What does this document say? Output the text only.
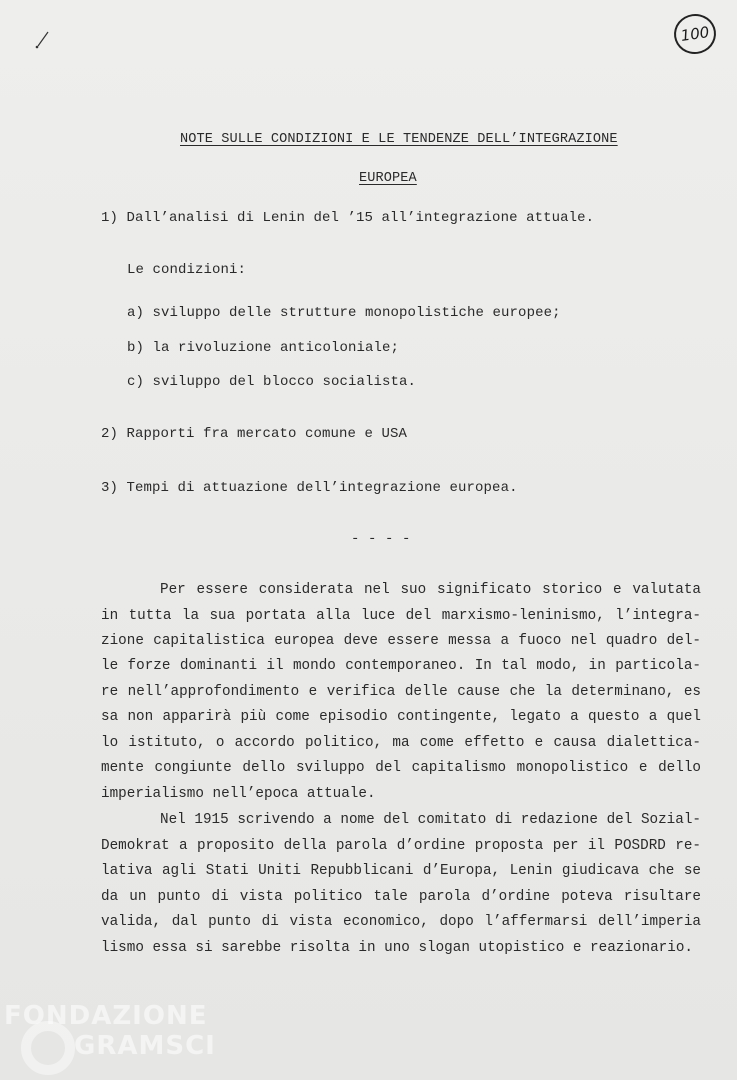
100
NOTE SULLE CONDIZIONI E LE TENDENZE DELL’INTEGRAZIONE
EUROPEA
1) Dall’analisi di Lenin del ’15 all’integrazione attuale.
Le condizioni:
a) sviluppo delle strutture monopolistiche europee;
b) la rivoluzione anticoloniale;
c) sviluppo del blocco socialista.
2) Rapporti fra mercato comune e USA
3) Tempi di attuazione dell’integrazione europea.
- - - -
Per essere considerata nel suo significato storico e valutata
in tutta la sua portata alla luce del marxismo-leninismo, l’integra-
zione capitalistica europea deve essere messa a fuoco nel quadro del-
le forze dominanti il mondo contemporaneo. In tal modo, in particola-
re nell’approfondimento e verifica delle cause che la determinano, es
sa non apparirà più come episodio contingente, legato a questo a quel
lo istituto, o accordo politico, ma come effetto e causa dialettica-
mente congiunte dello sviluppo del capitalismo monopolistico e dello
imperialismo nell’epoca attuale.
Nel 1915 scrivendo a nome del comitato di redazione del Sozial-
Demokrat a proposito della parola d’ordine proposta per il POSDRD re-
lativa agli Stati Uniti Repubblicani d’Europa, Lenin giudicava che se
da un punto di vista politico tale parola d’ordine poteva risultare
valida, dal punto di vista economico, dopo l’affermarsi dell’imperia
lismo essa si sarebbe risolta in uno slogan utopistico e reazionario.
FONDAZIONE
GRAMSCI
